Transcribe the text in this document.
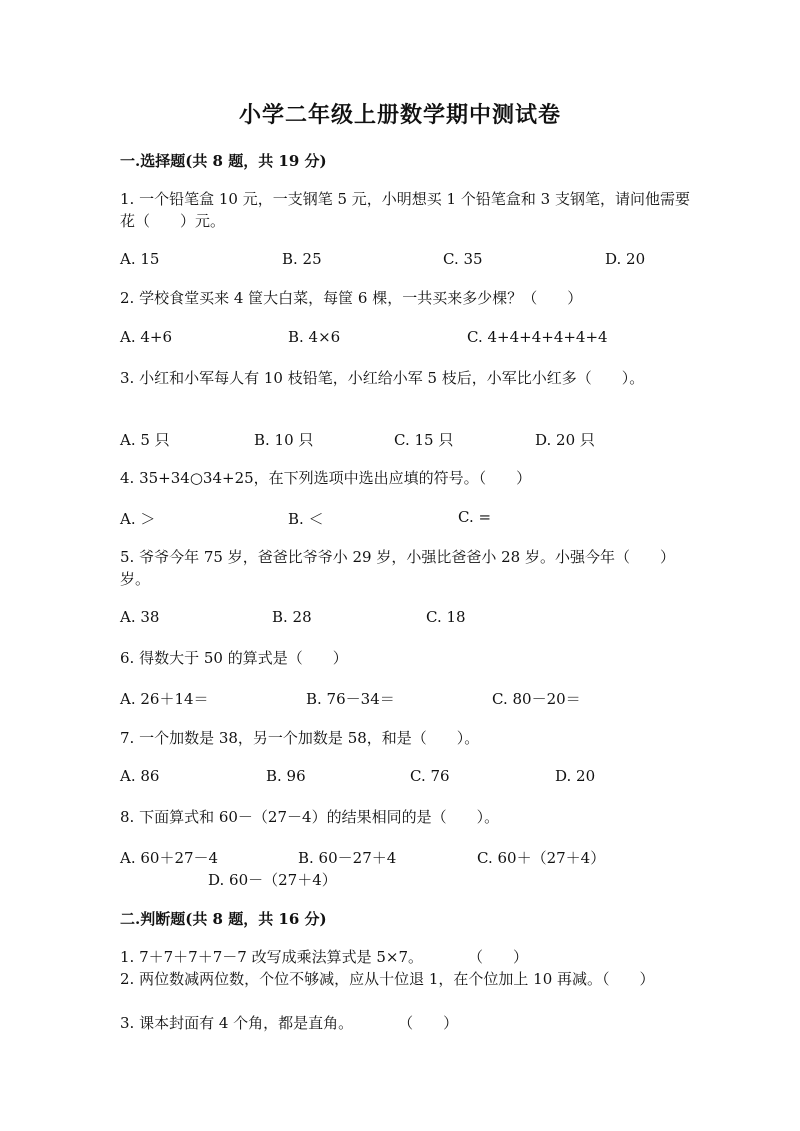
小学二年级上册数学期中测试卷
一.选择题(共 8 题，共 19 分)
1. 一个铅笔盒 10 元，一支钢笔 5 元，小明想买 1 个铅笔盒和 3 支钢笔，请问他需要花（　　）元。
A. 15	B. 25	C. 35	D. 20
2. 学校食堂买来 4 筐大白菜，每筐 6 棵，一共买来多少棵？（　　）
A. 4+6	B. 4×6	C. 4+4+4+4+4+4
3. 小红和小军每人有 10 枝铅笔，小红给小军 5 枝后，小军比小红多（　　）。
A. 5 只	B. 10 只	C. 15 只	D. 20 只
4. 35+34○34+25，在下列选项中选出应填的符号。（　　）
A. ＞	B. ＜	C. =
5. 爷爷今年 75 岁，爸爸比爷爷小 29 岁，小强比爸爸小 28 岁。小强今年（　　）岁。
A. 38	B. 28	C. 18
6. 得数大于 50 的算式是（　　）
A. 26＋14＝	B. 76－34＝	C. 80－20＝
7. 一个加数是 38，另一个加数是 58，和是（　　）。
A. 86	B. 96	C. 76	D. 20
8. 下面算式和 60－（27－4）的结果相同的是（　　）。
A. 60＋27－4	B. 60－27＋4	C. 60＋（27＋4）
D. 60－（27＋4）
二.判断题(共 8 题，共 16 分)
1. 7＋7＋7＋7－7 改写成乘法算式是 5×7。　　　　（　　）
2. 两位数减两位数，个位不够减，应从十位退 1，在个位加上 10 再减。（　　）
3. 课本封面有 4 个角，都是直角。　　　　（　　）
